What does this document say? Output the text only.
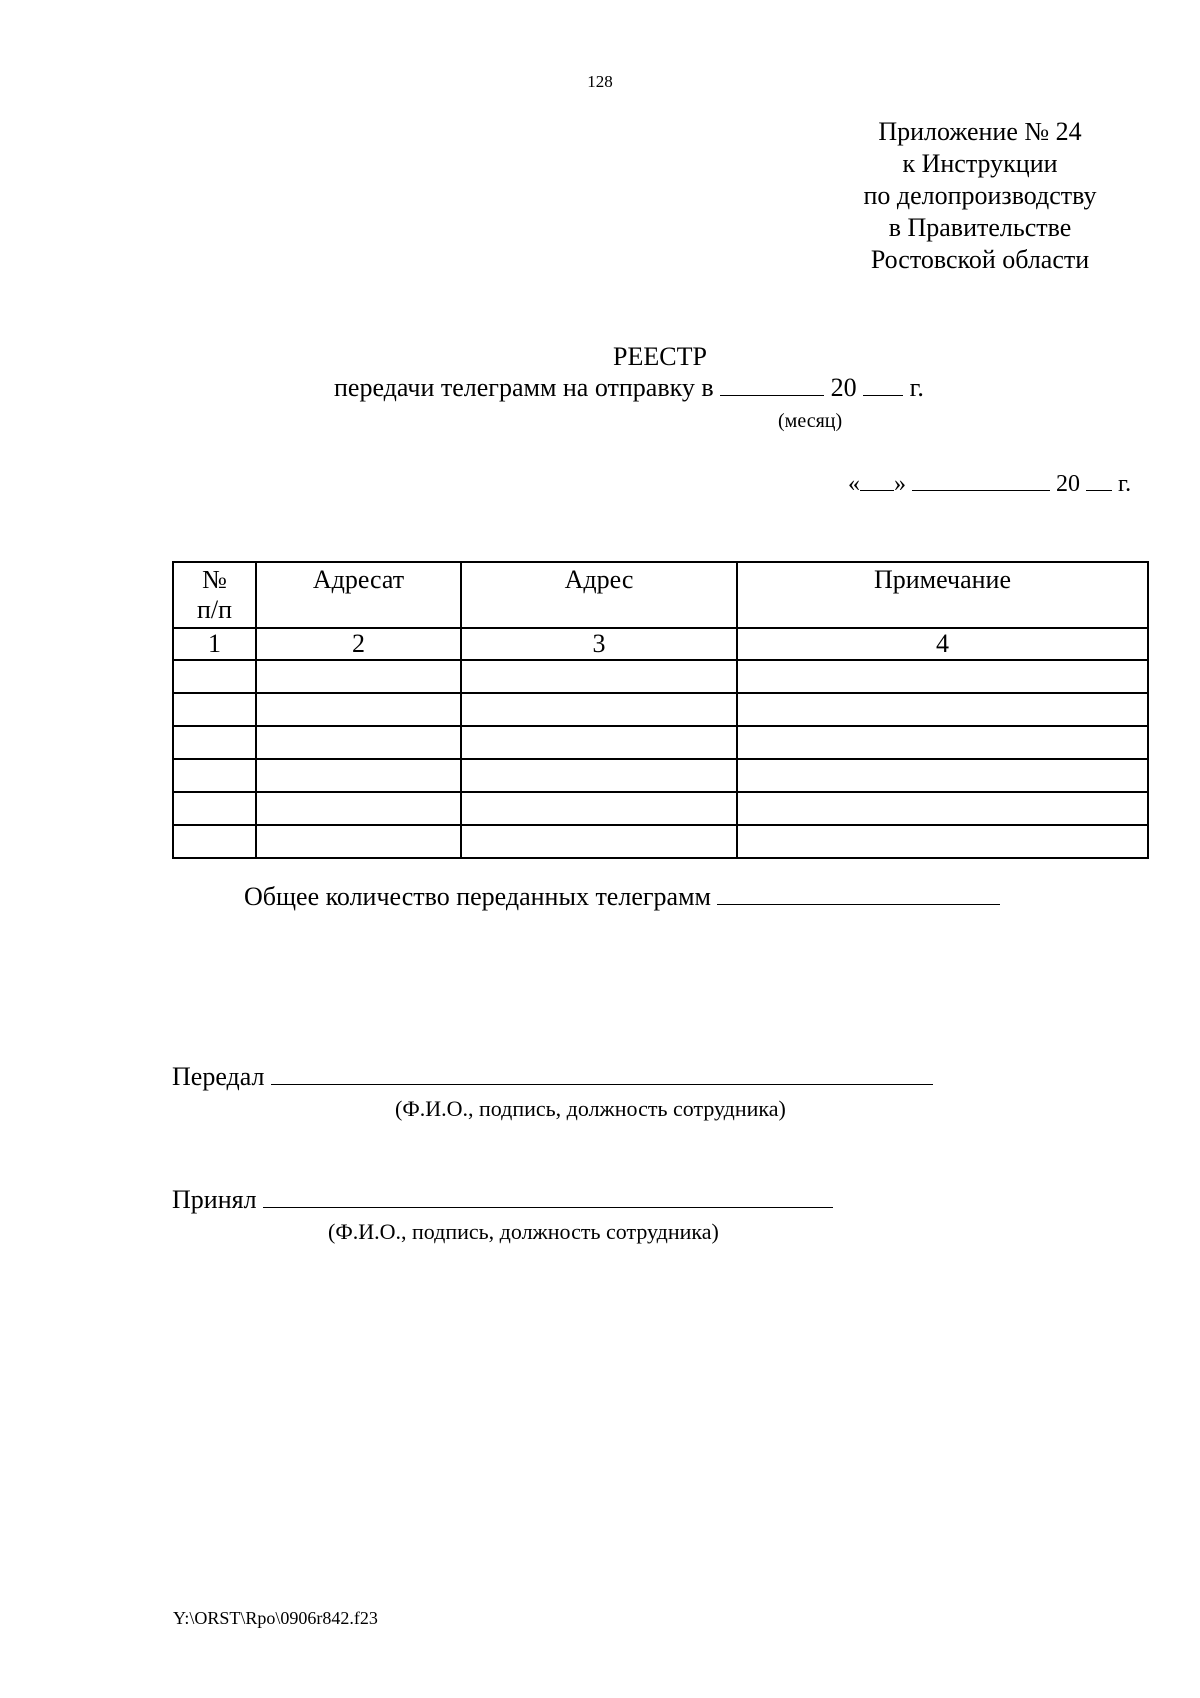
128
Приложение № 24
к Инструкции
по делопроизводству
в Правительстве
Ростовской области
РЕЕСТР
передачи телеграмм на отправку в	20 г.
(месяц)
« »	20 г.
№
п/п	Адресат	Адрес	Примечание
1	2	3	4

Общее количество переданных телеграмм
Передал
(Ф.И.О., подпись, должность сотрудника)
Принял
(Ф.И.О., подпись, должность сотрудника)
Y:\ORST\Rpo\0906r842.f23
